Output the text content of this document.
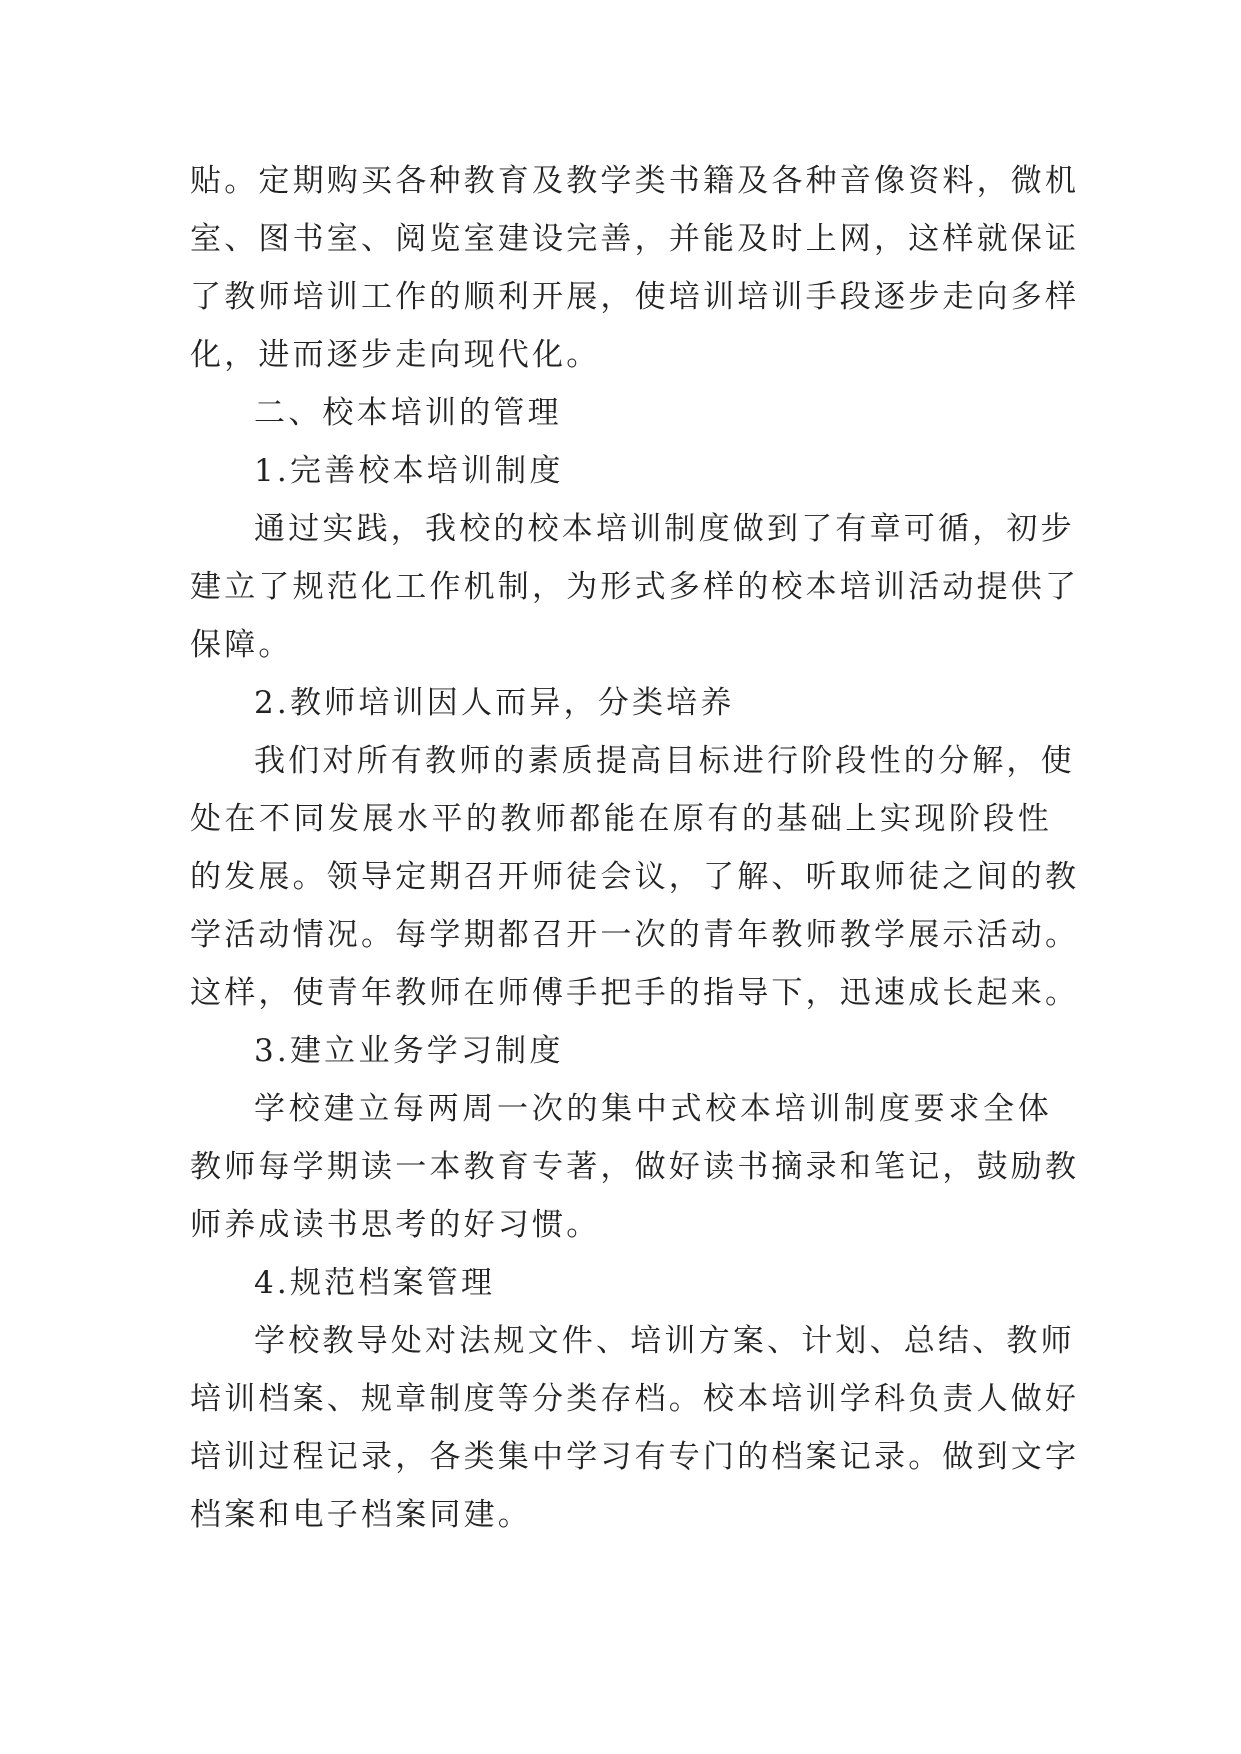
贴。定期购买各种教育及教学类书籍及各种音像资料，微机
室、图书室、阅览室建设完善，并能及时上网，这样就保证
了教师培训工作的顺利开展，使培训培训手段逐步走向多样
化，进而逐步走向现代化。
二、校本培训的管理
1.完善校本培训制度
通过实践，我校的校本培训制度做到了有章可循，初步
建立了规范化工作机制，为形式多样的校本培训活动提供了
保障。
2.教师培训因人而异，分类培养
我们对所有教师的素质提高目标进行阶段性的分解，使
处在不同发展水平的教师都能在原有的基础上实现阶段性
的发展。领导定期召开师徒会议，了解、听取师徒之间的教
学活动情况。每学期都召开一次的青年教师教学展示活动。
这样，使青年教师在师傅手把手的指导下，迅速成长起来。
3.建立业务学习制度
学校建立每两周一次的集中式校本培训制度要求全体
教师每学期读一本教育专著，做好读书摘录和笔记，鼓励教
师养成读书思考的好习惯。
4.规范档案管理
学校教导处对法规文件、培训方案、计划、总结、教师
培训档案、规章制度等分类存档。校本培训学科负责人做好
培训过程记录，各类集中学习有专门的档案记录。做到文字
档案和电子档案同建。
